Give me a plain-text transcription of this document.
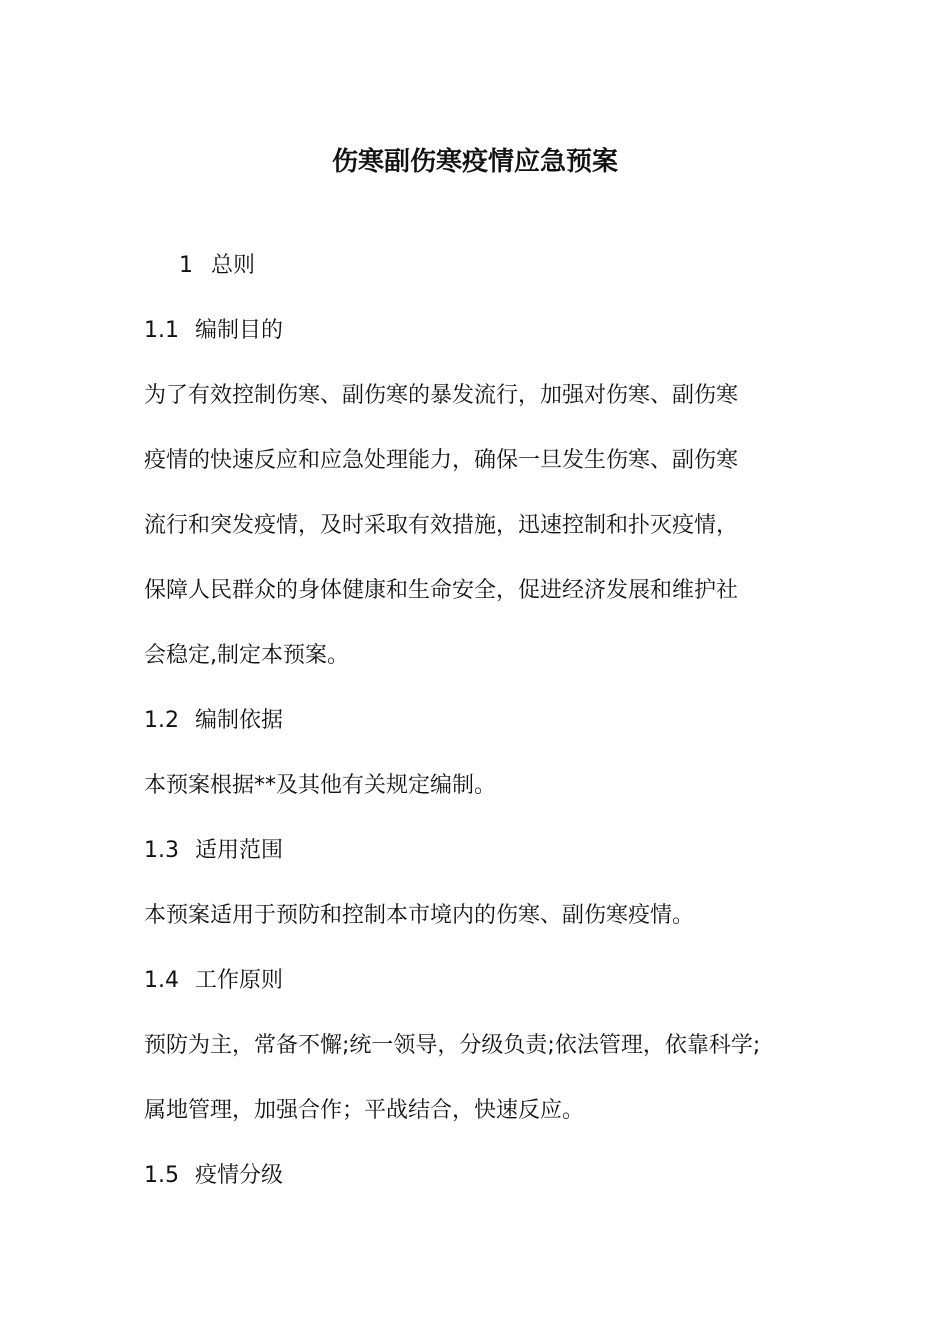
伤寒副伤寒疫情应急预案

1 总则

1.1 编制目的

为了有效控制伤寒、副伤寒的暴发流行，加强对伤寒、副伤寒

疫情的快速反应和应急处理能力，确保一旦发生伤寒、副伤寒

流行和突发疫情，及时采取有效措施，迅速控制和扑灭疫情，

保障人民群众的身体健康和生命安全，促进经济发展和维护社

会稳定,制定本预案。

1.2 编制依据

本预案根据**及其他有关规定编制。

1.3 适用范围

本预案适用于预防和控制本市境内的伤寒、副伤寒疫情。

1.4 工作原则

预防为主，常备不懈;统一领导，分级负责;依法管理，依靠科学;

属地管理，加强合作；平战结合，快速反应。

1.5 疫情分级
